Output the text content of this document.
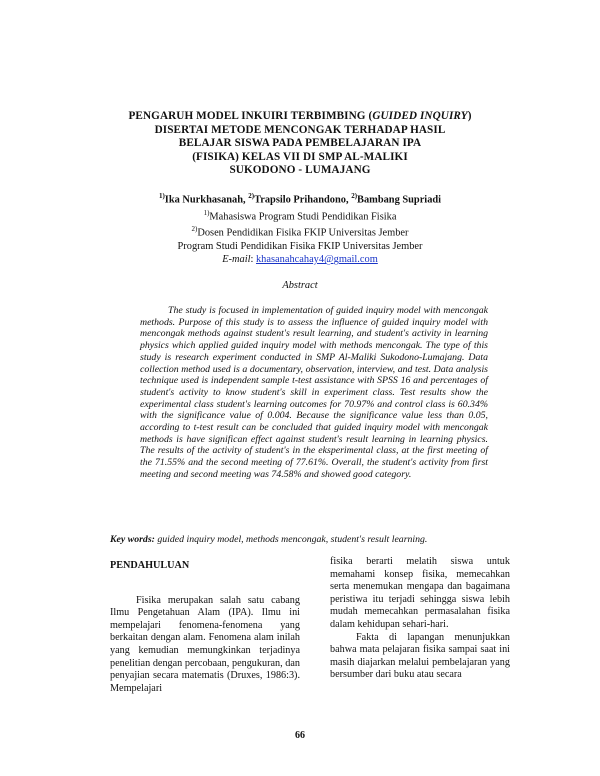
PENGARUH MODEL INKUIRI TERBIMBING (GUIDED INQUIRY)
DISERTAI METODE MENCONGAK TERHADAP HASIL
BELAJAR SISWA PADA PEMBELAJARAN IPA
(FISIKA) KELAS VII DI SMP AL-MALIKI
SUKODONO - LUMAJANG
$^{1)}$Ika Nurkhasanah, $^{2)}$Trapsilo Prihandono, $^{2)}$Bambang Supriadi
$^{1)}$Mahasiswa Program Studi Pendidikan Fisika
$^{2)}$Dosen Pendidikan Fisika FKIP Universitas Jember
Program Studi Pendidikan Fisika FKIP Universitas Jember
E-mail: khasanahcahay4@gmail.com
Abstract

The study is focused in implementation of guided inquiry model with mencongak methods. Purpose of this study is to assess the influence of guided inquiry model with mencongak methods against student's result learning, and student's activity in learning physics which applied guided inquiry model with methods mencongak. The type of this study is research experiment conducted in SMP Al-Maliki Sukodono-Lumajang. Data collection method used is a documentary, observation, interview, and test. Data analysis technique used is independent sample t-test assistance with SPSS 16 and percentages of student's activity to know student's skill in experiment class. Test results show the experimental class student's learning outcomes for 70.97% and control class is 60.34% with the significance value of 0.004. Because the significance value less than 0.05, according to t-test result can be concluded that guided inquiry model with mencongak methods is have significan effect against student's result learning in learning physics. The results of the activity of student's in the eksperimental class, at the first meeting of the 71.55% and the second meeting of 77.61%. Overall, the student's activity from first meeting and second meeting was 74.58% and showed good category.

Key words: guided inquiry model, methods mencongak, student's result learning.
PENDAHULUAN

Fisika merupakan salah satu cabang Ilmu Pengetahuan Alam (IPA). Ilmu ini mempelajari fenomena-fenomena yang berkaitan dengan alam. Fenomena alam inilah yang kemudian memungkinkan terjadinya penelitian dengan percobaan, pengukuran, dan penyajian secara matematis (Druxes, 1986:3). Mempelajari

fisika berarti melatih siswa untuk memahami konsep fisika, memecahkan serta menemukan mengapa dan bagaimana peristiwa itu terjadi sehingga siswa lebih mudah memecahkan permasalahan fisika dalam kehidupan sehari-hari.

Fakta di lapangan menunjukkan bahwa mata pelajaran fisika sampai saat ini masih diajarkan melalui pembelajaran yang bersumber dari buku atau secara

66
